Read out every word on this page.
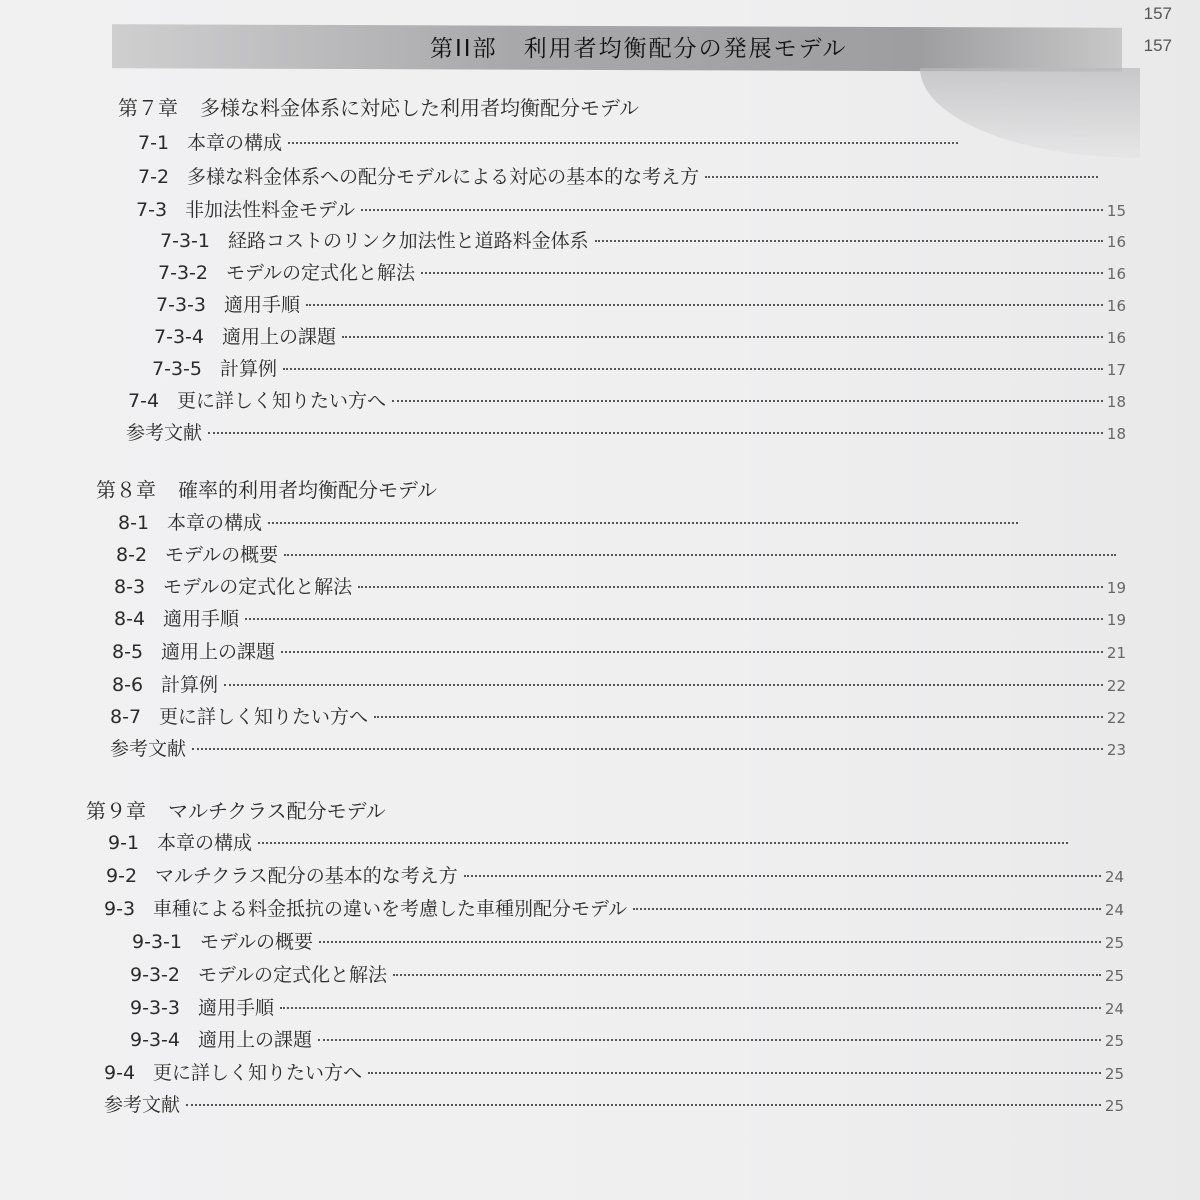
157
157
第II部 利用者均衡配分の発展モデル
第７章 多様な料金体系に対応した利用者均衡配分モデル
7-1 本章の構成
7-2 多様な料金体系への配分モデルによる対応の基本的な考え方
7-3 非加法性料金モデル	15
7-3-1 経路コストのリンク加法性と道路料金体系	16
7-3-2 モデルの定式化と解法	16
7-3-3 適用手順	16
7-3-4 適用上の課題	16
7-3-5 計算例	17
7-4 更に詳しく知りたい方へ	18
参考文献	18
第８章 確率的利用者均衡配分モデル
8-1 本章の構成
8-2 モデルの概要
8-3 モデルの定式化と解法	19
8-4 適用手順	19
8-5 適用上の課題	21
8-6 計算例	22
8-7 更に詳しく知りたい方へ	22
参考文献	23
第９章 マルチクラス配分モデル
9-1 本章の構成
9-2 マルチクラス配分の基本的な考え方	24
9-3 車種による料金抵抗の違いを考慮した車種別配分モデル	24
9-3-1 モデルの概要	25
9-3-2 モデルの定式化と解法	25
9-3-3 適用手順	24
9-3-4 適用上の課題	25
9-4 更に詳しく知りたい方へ	25
参考文献	25
